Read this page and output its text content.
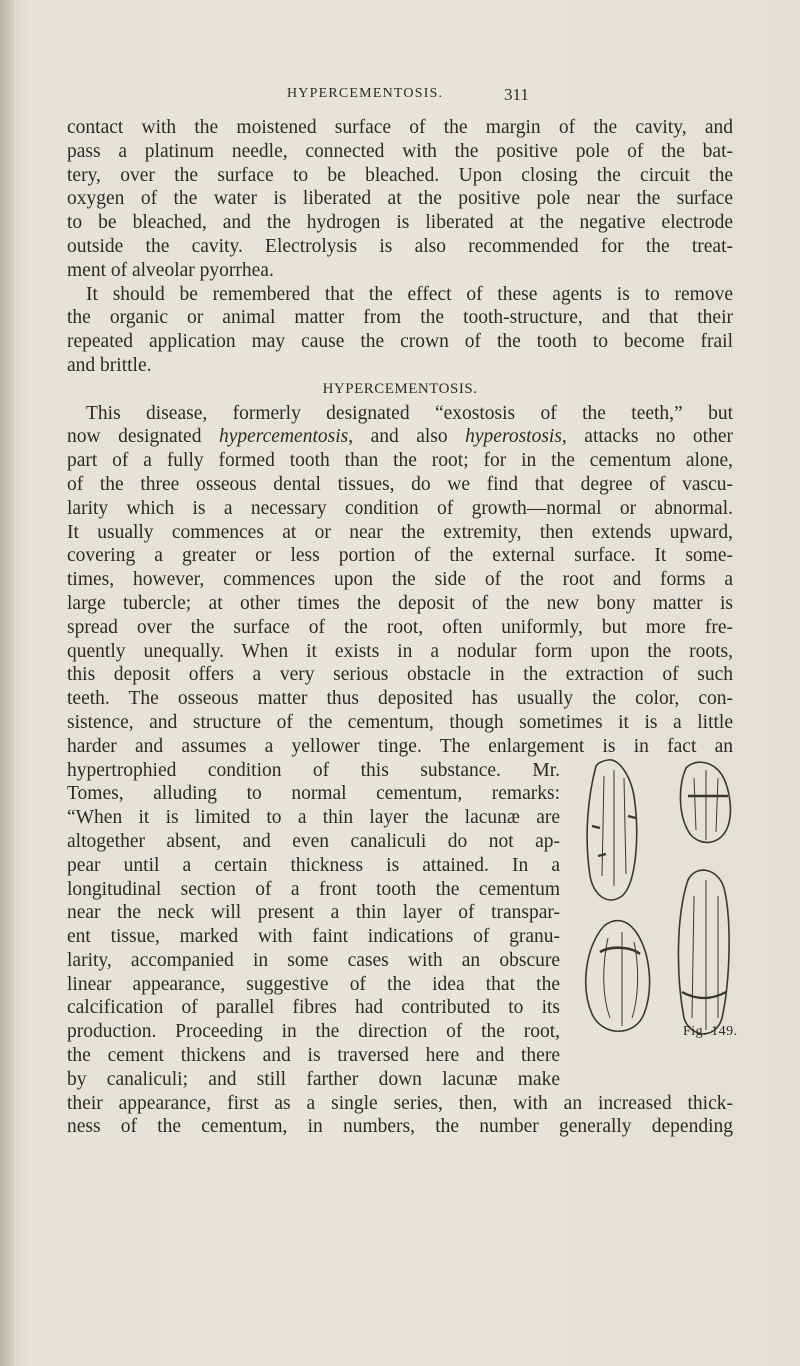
HYPERCEMENTOSIS.	311
contact with the moistened surface of the margin of the cavity, and
pass a platinum needle, connected with the positive pole of the bat-
tery, over the surface to be bleached. Upon closing the circuit the
oxygen of the water is liberated at the positive pole near the surface
to be bleached, and the hydrogen is liberated at the negative electrode
outside the cavity. Electrolysis is also recommended for the treat-
ment of alveolar pyorrhea.
It should be remembered that the effect of these agents is to remove
the organic or animal matter from the tooth-structure, and that their
repeated application may cause the crown of the tooth to become frail
and brittle.
HYPERCEMENTOSIS.
This disease, formerly designated “exostosis of the teeth,” but
now designated hypercementosis, and also hyperostosis, attacks no other
part of a fully formed tooth than the root; for in the cementum alone,
of the three osseous dental tissues, do we find that degree of vascu-
larity which is a necessary condition of growth—normal or abnormal.
It usually commences at or near the extremity, then extends upward,
covering a greater or less portion of the external surface. It some-
times, however, commences upon the side of the root and forms a
large tubercle; at other times the deposit of the new bony matter is
spread over the surface of the root, often uniformly, but more fre-
quently unequally. When it exists in a nodular form upon the roots,
this deposit offers a very serious obstacle in the extraction of such
teeth. The osseous matter thus deposited has usually the color, con-
sistence, and structure of the cementum, though sometimes it is a little
harder and assumes a yellower tinge. The enlargement is in fact an
hypertrophied condition of this substance. Mr.
Tomes, alluding to normal cementum, remarks:
“When it is limited to a thin layer the lacunæ are
altogether absent, and even canaliculi do not ap-
pear until a certain thickness is attained. In a
longitudinal section of a front tooth the cementum
near the neck will present a thin layer of transpar-
ent tissue, marked with faint indications of granu-
larity, accompanied in some cases with an obscure
linear appearance, suggestive of the idea that the
calcification of parallel fibres had contributed to its
production. Proceeding in the direction of the root,
the cement thickens and is traversed here and there
by canaliculi; and still farther down lacunæ make
their appearance, first as a single series, then, with an increased thick-
ness of the cementum, in numbers, the number generally depending
Fig. 149.
